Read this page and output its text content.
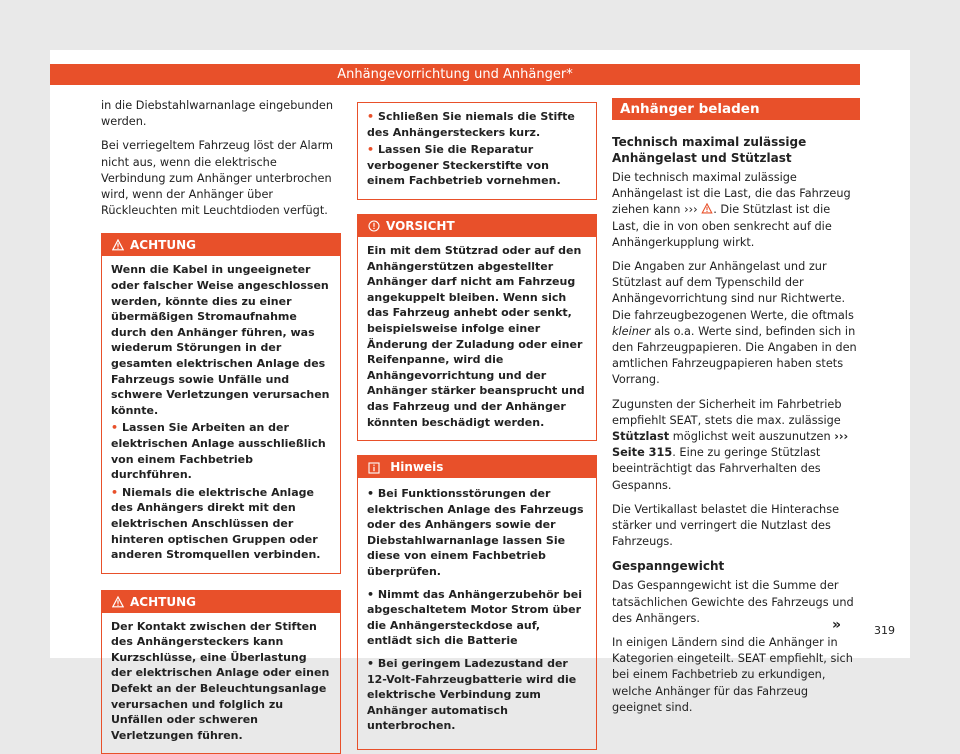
Anhängevorrichtung und Anhänger*

in die Diebstahlwarnanlage eingebunden werden.

Bei verriegeltem Fahrzeug löst der Alarm nicht aus, wenn die elektrische Verbindung zum Anhänger unterbrochen wird, wenn der Anhänger über Rückleuchten mit Leuchtdioden verfügt.

ACHTUNG

Wenn die Kabel in ungeeigneter oder falscher Weise angeschlossen werden, könnte dies zu einer übermäßigen Stromaufnahme durch den Anhänger führen, was wiederum Störungen in der gesamten elektrischen Anlage des Fahrzeugs sowie Unfälle und schwere Verletzungen verursachen könnte.

• Lassen Sie Arbeiten an der elektrischen Anlage ausschließlich von einem Fachbetrieb durchführen.

• Niemals die elektrische Anlage des Anhängers direkt mit den elektrischen Anschlüssen der hinteren optischen Gruppen oder anderen Stromquellen verbinden.

ACHTUNG

Der Kontakt zwischen der Stiften des Anhängersteckers kann Kurzschlüsse, eine Überlastung der elektrischen Anlage oder einen Defekt an der Beleuchtungsanlage verursachen und folglich zu Unfällen oder schweren Verletzungen führen.

• Schließen Sie niemals die Stifte des Anhängersteckers kurz.

• Lassen Sie die Reparatur verbogener Steckerstifte von einem Fachbetrieb vornehmen.

VORSICHT

Ein mit dem Stützrad oder auf den Anhängerstützen abgestellter Anhänger darf nicht am Fahrzeug angekuppelt bleiben. Wenn sich das Fahrzeug anhebt oder senkt, beispielsweise infolge einer Änderung der Zuladung oder einer Reifenpanne, wird die Anhängevorrichtung und der Anhänger stärker beansprucht und das Fahrzeug und der Anhänger könnten beschädigt werden.

Hinweis
• Bei Funktionsstörungen der elektrischen Anlage des Fahrzeugs oder des Anhängers sowie der Diebstahlwarnanlage lassen Sie diese von einem Fachbetrieb überprüfen.
• Nimmt das Anhängerzubehör bei abgeschaltetem Motor Strom über die Anhängersteckdose auf, entlädt sich die Batterie
• Bei geringem Ladezustand der 12-Volt-Fahrzeugbatterie wird die elektrische Verbindung zum Anhänger automatisch unterbrochen.
Anhänger beladen

Technisch maximal zulässige Anhängelast und Stützlast

Die technisch maximal zulässige Anhängelast ist die Last, die das Fahrzeug ziehen kann ››› . Die Stützlast ist die Last, die in von oben senkrecht auf die Anhängerkupplung wirkt.

Die Angaben zur Anhängelast und zur Stützlast auf dem Typenschild der Anhängevorrichtung sind nur Richtwerte. Die fahrzeugbezogenen Werte, die oftmals kleiner als o.a. Werte sind, befinden sich in den Fahrzeugpapieren. Die Angaben in den amtlichen Fahrzeugpapieren haben stets Vorrang.

Zugunsten der Sicherheit im Fahrbetrieb empfiehlt SEAT, stets die max. zulässige Stützlast möglichst weit auszunutzen ››› Seite 315. Eine zu geringe Stützlast beeinträchtigt das Fahrverhalten des Gespanns.

Die Vertikallast belastet die Hinterachse stärker und verringert die Nutzlast des Fahrzeugs.

Gespanngewicht

Das Gespanngewicht ist die Summe der tatsächlichen Gewichte des Fahrzeugs und des Anhängers.

In einigen Ländern sind die Anhänger in Kategorien eingeteilt. SEAT empfiehlt, sich bei einem Fachbetrieb zu erkundigen, welche Anhänger für das Fahrzeug geeignet sind.

»	319
